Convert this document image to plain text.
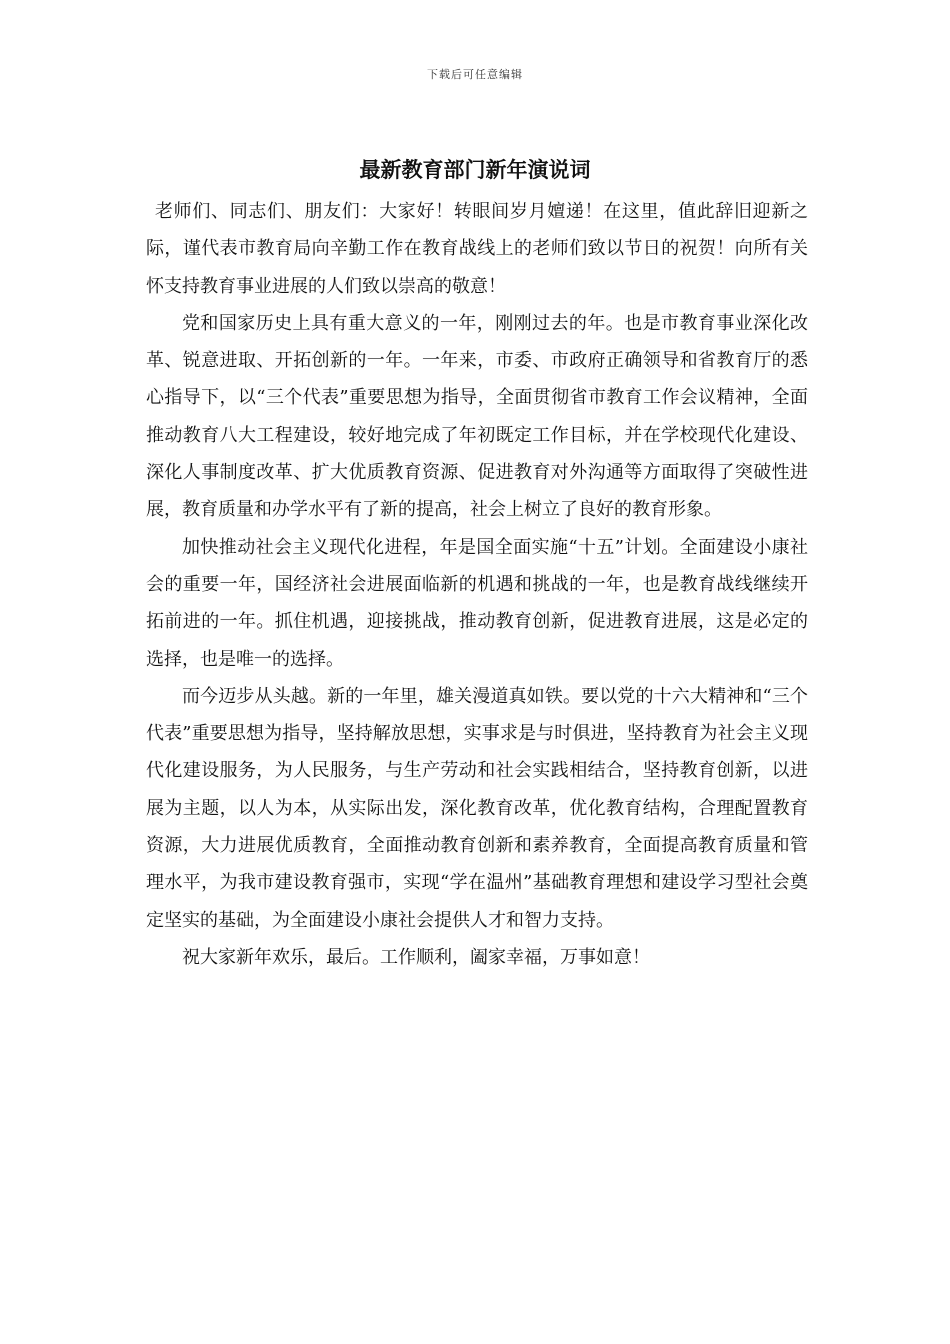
下载后可任意编辑
最新教育部门新年演说词

老师们、同志们、朋友们：大家好！转眼间岁月嬗递！在这里，值此辞旧迎新之际，谨代表市教育局向辛勤工作在教育战线上的老师们致以节日的祝贺！向所有关怀支持教育事业进展的人们致以崇高的敬意！

党和国家历史上具有重大意义的一年，刚刚过去的年。也是市教育事业深化改革、锐意进取、开拓创新的一年。一年来，市委、市政府正确领导和省教育厅的悉心指导下，以“三个代表”重要思想为指导，全面贯彻省市教育工作会议精神，全面推动教育八大工程建设，较好地完成了年初既定工作目标，并在学校现代化建设、深化人事制度改革、扩大优质教育资源、促进教育对外沟通等方面取得了突破性进展，教育质量和办学水平有了新的提高，社会上树立了良好的教育形象。

加快推动社会主义现代化进程，年是国全面实施“十五”计划。全面建设小康社会的重要一年，国经济社会进展面临新的机遇和挑战的一年，也是教育战线继续开拓前进的一年。抓住机遇，迎接挑战，推动教育创新，促进教育进展，这是必定的选择，也是唯一的选择。

而今迈步从头越。新的一年里，雄关漫道真如铁。要以党的十六大精神和“三个代表”重要思想为指导，坚持解放思想，实事求是与时俱进，坚持教育为社会主义现代化建设服务，为人民服务，与生产劳动和社会实践相结合，坚持教育创新，以进展为主题，以人为本，从实际出发，深化教育改革，优化教育结构，合理配置教育资源，大力进展优质教育，全面推动教育创新和素养教育，全面提高教育质量和管理水平，为我市建设教育强市，实现“学在温州”基础教育理想和建设学习型社会奠定坚实的基础，为全面建设小康社会提供人才和智力支持。

祝大家新年欢乐，最后。工作顺利，阖家幸福，万事如意！
